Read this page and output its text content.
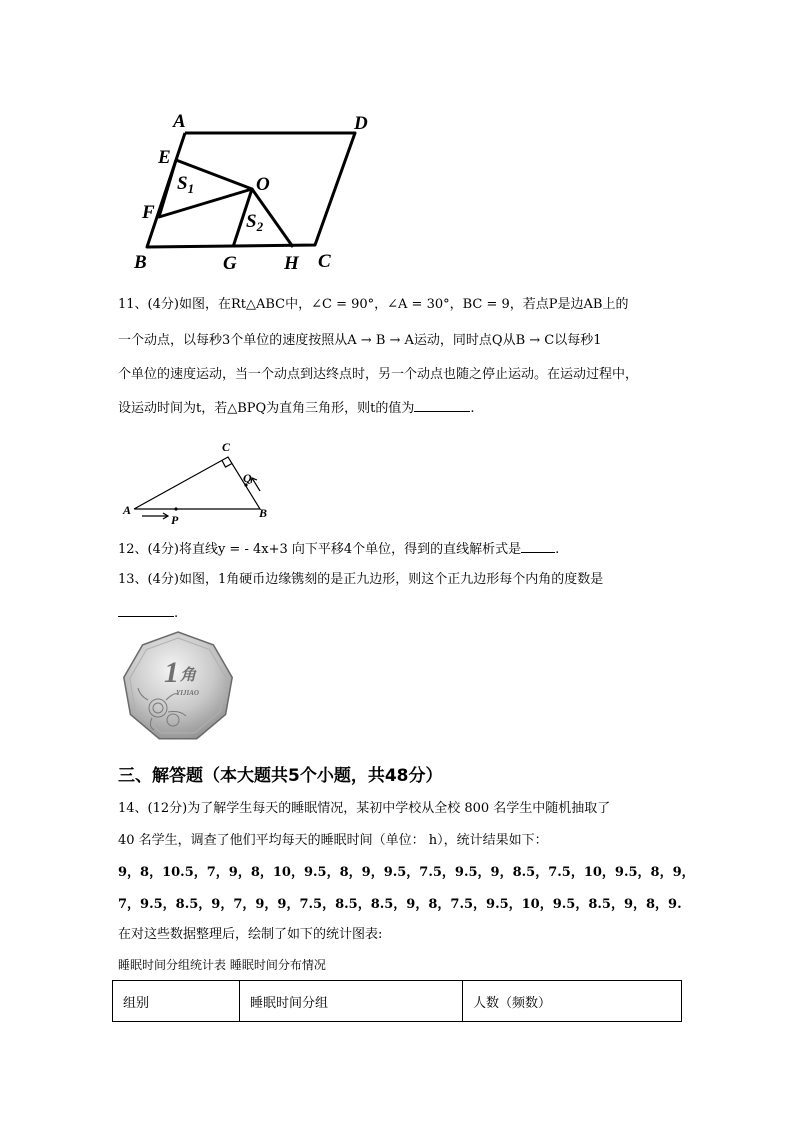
A	D
E
$S_1$	O
F	$S_2$
B	G H C
11、(4分)如图，在Rt△ABC中，∠C = 90°，∠A = 30°，BC = 9，若点P是边AB上的
一个动点，以每秒3个单位的速度按照从A → B → A运动，同时点Q从B → C以每秒1
个单位的速度运动，当一个动点到达终点时，另一个动点也随之停止运动。在运动过程中，
设运动时间为t，若△BPQ为直角三角形，则t的值为	.
C
Q
A
P	B
12、(4分)将直线y = - 4x+3 向下平移4个单位，得到的直线解析式是	.
13、(4分)如图，1角硬币边缘镌刻的是正九边形，则这个正九边形每个内角的度数是
.
1 角
YIJIAO
三、解答题（本大题共5个小题，共48分）
14、(12分)为了解学生每天的睡眠情况，某初中学校从全校 800 名学生中随机抽取了
40 名学生，调查了他们平均每天的睡眠时间（单位： h），统计结果如下：
9，8，10.5，7，9，8，10，9.5，8，9，9.5，7.5，9.5，9，8.5，7.5，10，9.5，8，9，
7，9.5，8.5，9，7，9，9，7.5，8.5，8.5，9，8，7.5，9.5，10，9.5，8.5，9，8，9.
在对这些数据整理后，绘制了如下的统计图表:
睡眠时间分组统计表 睡眠时间分布情况
组别	睡眠时间分组	人数（频数）
